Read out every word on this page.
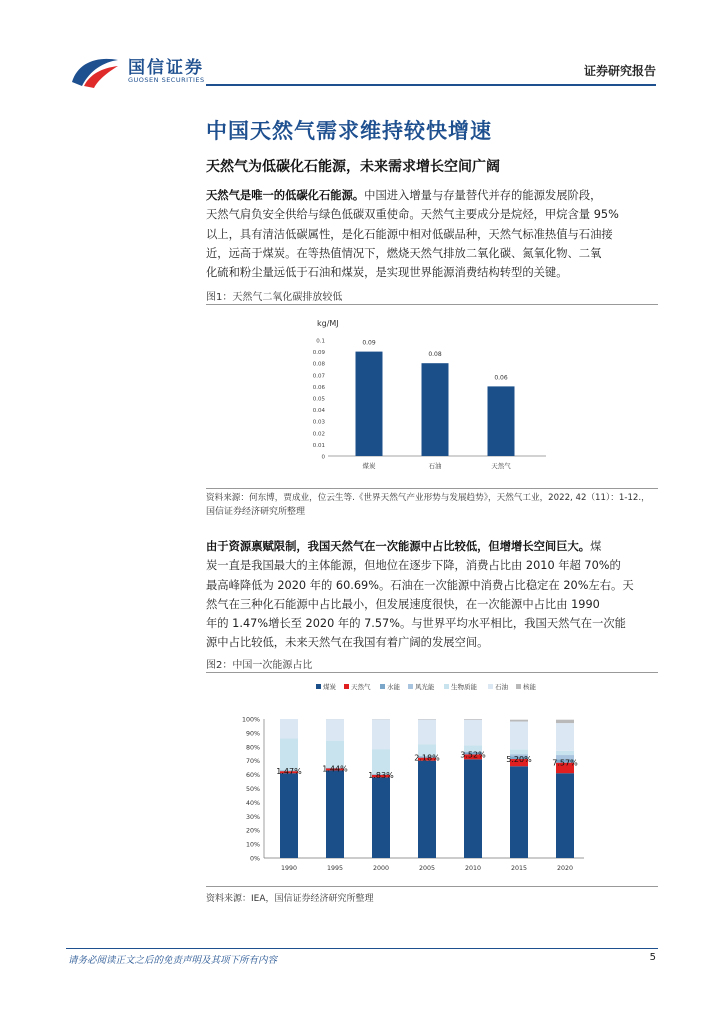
国信证券
GUOSEN SECURITIES
证券研究报告
中国天然气需求维持较快增速
天然气为低碳化石能源，未来需求增长空间广阔
天然气是唯一的低碳化石能源。中国进入增量与存量替代并存的能源发展阶段，
天然气肩负安全供给与绿色低碳双重使命。天然气主要成分是烷烃，甲烷含量 95%
以上，具有清洁低碳属性，是化石能源中相对低碳品种，天然气标准热值与石油接
近，远高于煤炭。在等热值情况下，燃烧天然气排放二氧化碳、氮氧化物、二氧
化硫和粉尘量远低于石油和煤炭，是实现世界能源消费结构转型的关键。
图1：天然气二氧化碳排放较低
kg/MJ
0
0.01
0.02
0.03
0.04
0.05
0.06
0.07
0.08
0.09
0.1	0.09
煤炭
0.08
石油
0.06
天然气
资料来源：何东博，贾成业，位云生等.《世界天然气产业形势与发展趋势》，天然气工业，2022, 42（11）：1-12.，
国信证券经济研究所整理
由于资源禀赋限制，我国天然气在一次能源中占比较低，但增增长空间巨大。煤
炭一直是我国最大的主体能源，但地位在逐步下降，消费占比由 2010 年超 70%的
最高峰降低为 2020 年的 60.69%。石油在一次能源中消费占比稳定在 20%左右。天
然气在三种化石能源中占比最小，但发展速度很快，在一次能源中占比由 1990
年的 1.47%增长至 2020 年的 7.57%。与世界平均水平相比，我国天然气在一次能
源中占比较低，未来天然气在我国有着广阔的发展空间。
图2：中国一次能源占比
煤炭 天然气	水能 风光能	生物质能	石油 核能
0%
10%
20%
30%
40%
50%
60%
70%
80%
90%
100%
1.47%
1990
1.44%
1995
1.83%
2000
2.18%
2005
3.52%
2010
5.20%
2015
7.57%
2020
资料来源：IEA，国信证券经济研究所整理
请务必阅读正文之后的免责声明及其项下所有内容	5
